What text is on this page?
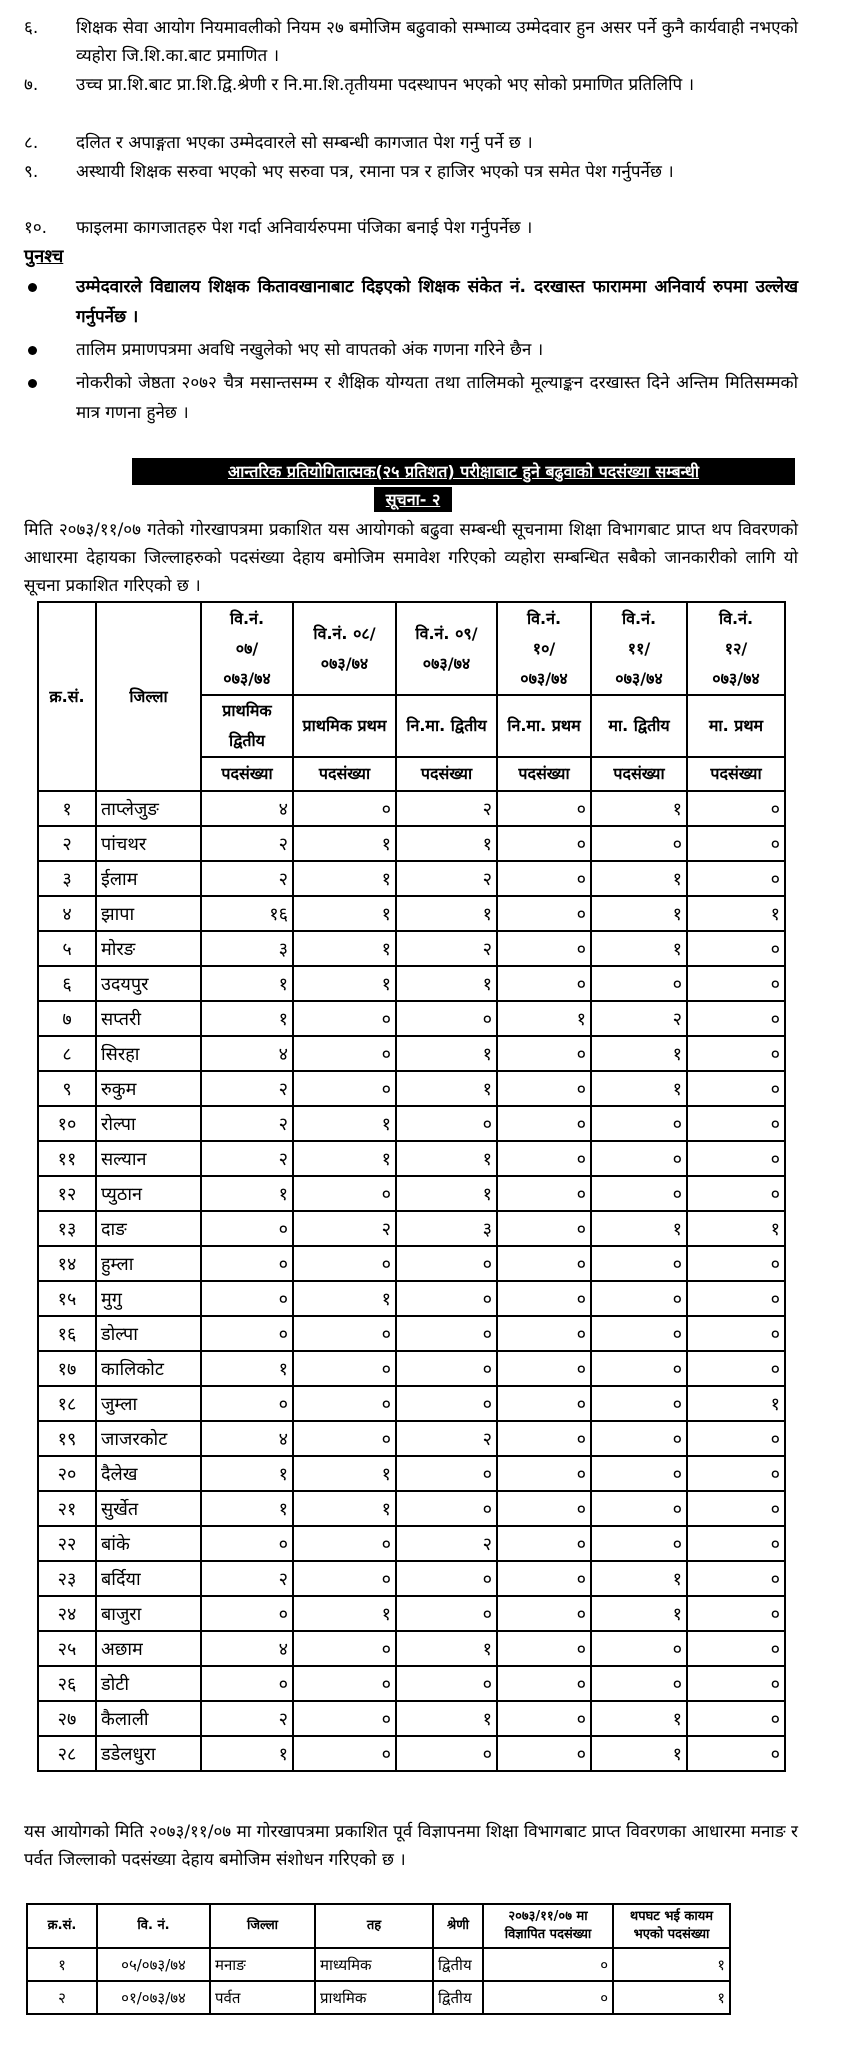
६.	शिक्षक सेवा आयोग नियमावलीको नियम २७ बमोजिम बढुवाको सम्भाव्य उम्मेदवार हुन असर पर्ने कुनै कार्यवाही नभएको व्यहोरा जि.शि.का.बाट प्रमाणित ।
७.	उच्च प्रा.शि.बाट प्रा.शि.द्वि.श्रेणी र नि.मा.शि.तृतीयमा पदस्थापन भएको भए सोको प्रमाणित प्रतिलिपि ।
८.	दलित र अपाङ्गता भएका उम्मेदवारले सो सम्बन्धी कागजात पेश गर्नु पर्ने छ ।
९.	अस्थायी शिक्षक सरुवा भएको भए सरुवा पत्र, रमाना पत्र र हाजिर भएको पत्र समेत पेश गर्नुपर्नेछ ।
१०.	फाइलमा कागजातहरु पेश गर्दा अनिवार्यरुपमा पंजिका बनाई पेश गर्नुपर्नेछ ।
पुनश्च
उम्मेदवारले विद्यालय शिक्षक कितावखानाबाट दिइएको शिक्षक संकेत नं. दरखास्त फाराममा अनिवार्य रुपमा उल्लेख गर्नुपर्नेछ ।
तालिम प्रमाणपत्रमा अवधि नखुलेको भए सो वापतको अंक गणना गरिने छैन ।
नोकरीको जेष्ठता २०७२ चैत्र मसान्तसम्म र शैक्षिक योग्यता तथा तालिमको मूल्याङ्कन दरखास्त दिने अन्तिम मितिसम्मको मात्र गणना हुनेछ ।
आन्तरिक प्रतियोगितात्मक(२५ प्रतिशत) परीक्षाबाट हुने बढुवाको पदसंख्या सम्बन्धी
सूचना- २
मिति २०७३/११/०७ गतेको गोरखापत्रमा प्रकाशित यस आयोगको बढुवा सम्बन्धी सूचनामा शिक्षा विभागबाट प्राप्त थप विवरणको आधारमा देहायका जिल्लाहरुको पदसंख्या देहाय बमोजिम समावेश गरिएको व्यहोरा सम्बन्धित सबैको जानकारीको लागि यो सूचना प्रकाशित गरिएको छ ।
क्र.सं.	जिल्ला	वि.नं. ०७/ ०७३/७४	वि.नं. ०८/ ०७३/७४	वि.नं. ०९/ ०७३/७४	वि.नं. १०/ ०७३/७४	वि.नं. ११/ ०७३/७४	वि.नं. १२/ ०७३/७४
		प्राथमिक द्वितीय	प्राथमिक प्रथम	नि.मा. द्वितीय	नि.मा. प्रथम	मा. द्वितीय	मा. प्रथम
		पदसंख्या	पदसंख्या	पदसंख्या	पदसंख्या	पदसंख्या	पदसंख्या
१	ताप्लेजुङ	४	०	२	०	१	०
२	पांचथर	२	१	१	०	०	०
३	ईलाम	२	१	२	०	१	०
४	झापा	१६	१	१	०	१	१
५	मोरङ	३	१	२	०	१	०
६	उदयपुर	१	१	१	०	०	०
७	सप्तरी	१	०	०	१	२	०
८	सिरहा	४	०	१	०	१	०
९	रुकुम	२	०	१	०	१	०
१०	रोल्पा	२	१	०	०	०	०
११	सल्यान	२	१	१	०	०	०
१२	प्युठान	१	०	१	०	०	०
१३	दाङ	०	२	३	०	१	१
१४	हुम्ला	०	०	०	०	०	०
१५	मुगु	०	१	०	०	०	०
१६	डोल्पा	०	०	०	०	०	०
१७	कालिकोट	१	०	०	०	०	०
१८	जुम्ला	०	०	०	०	०	१
१९	जाजरकोट	४	०	२	०	०	०
२०	दैलेख	१	१	०	०	०	०
२१	सुर्खेत	१	१	०	०	०	०
२२	बांके	०	०	२	०	०	०
२३	बर्दिया	२	०	०	०	१	०
२४	बाजुरा	०	१	०	०	१	०
२५	अछाम	४	०	१	०	०	०
२६	डोटी	०	०	०	०	०	०
२७	कैलाली	२	०	१	०	१	०
२८	डडेलधुरा	१	०	०	०	१	०
यस आयोगको मिति २०७३/११/०७ मा गोरखापत्रमा प्रकाशित पूर्व विज्ञापनमा शिक्षा विभागबाट प्राप्त विवरणका आधारमा मनाङ र पर्वत जिल्लाको पदसंख्या देहाय बमोजिम संशोधन गरिएको छ ।
क्र.सं.	वि. नं.	जिल्ला	तह	श्रेणी	२०७३/११/०७ मा विज्ञापित पदसंख्या	थपघट भई कायम भएको पदसंख्या
१	०५/०७३/७४	मनाङ	माध्यमिक	द्वितीय	०	१
२	०१/०७३/७४	पर्वत	प्राथमिक	द्वितीय	०	१
